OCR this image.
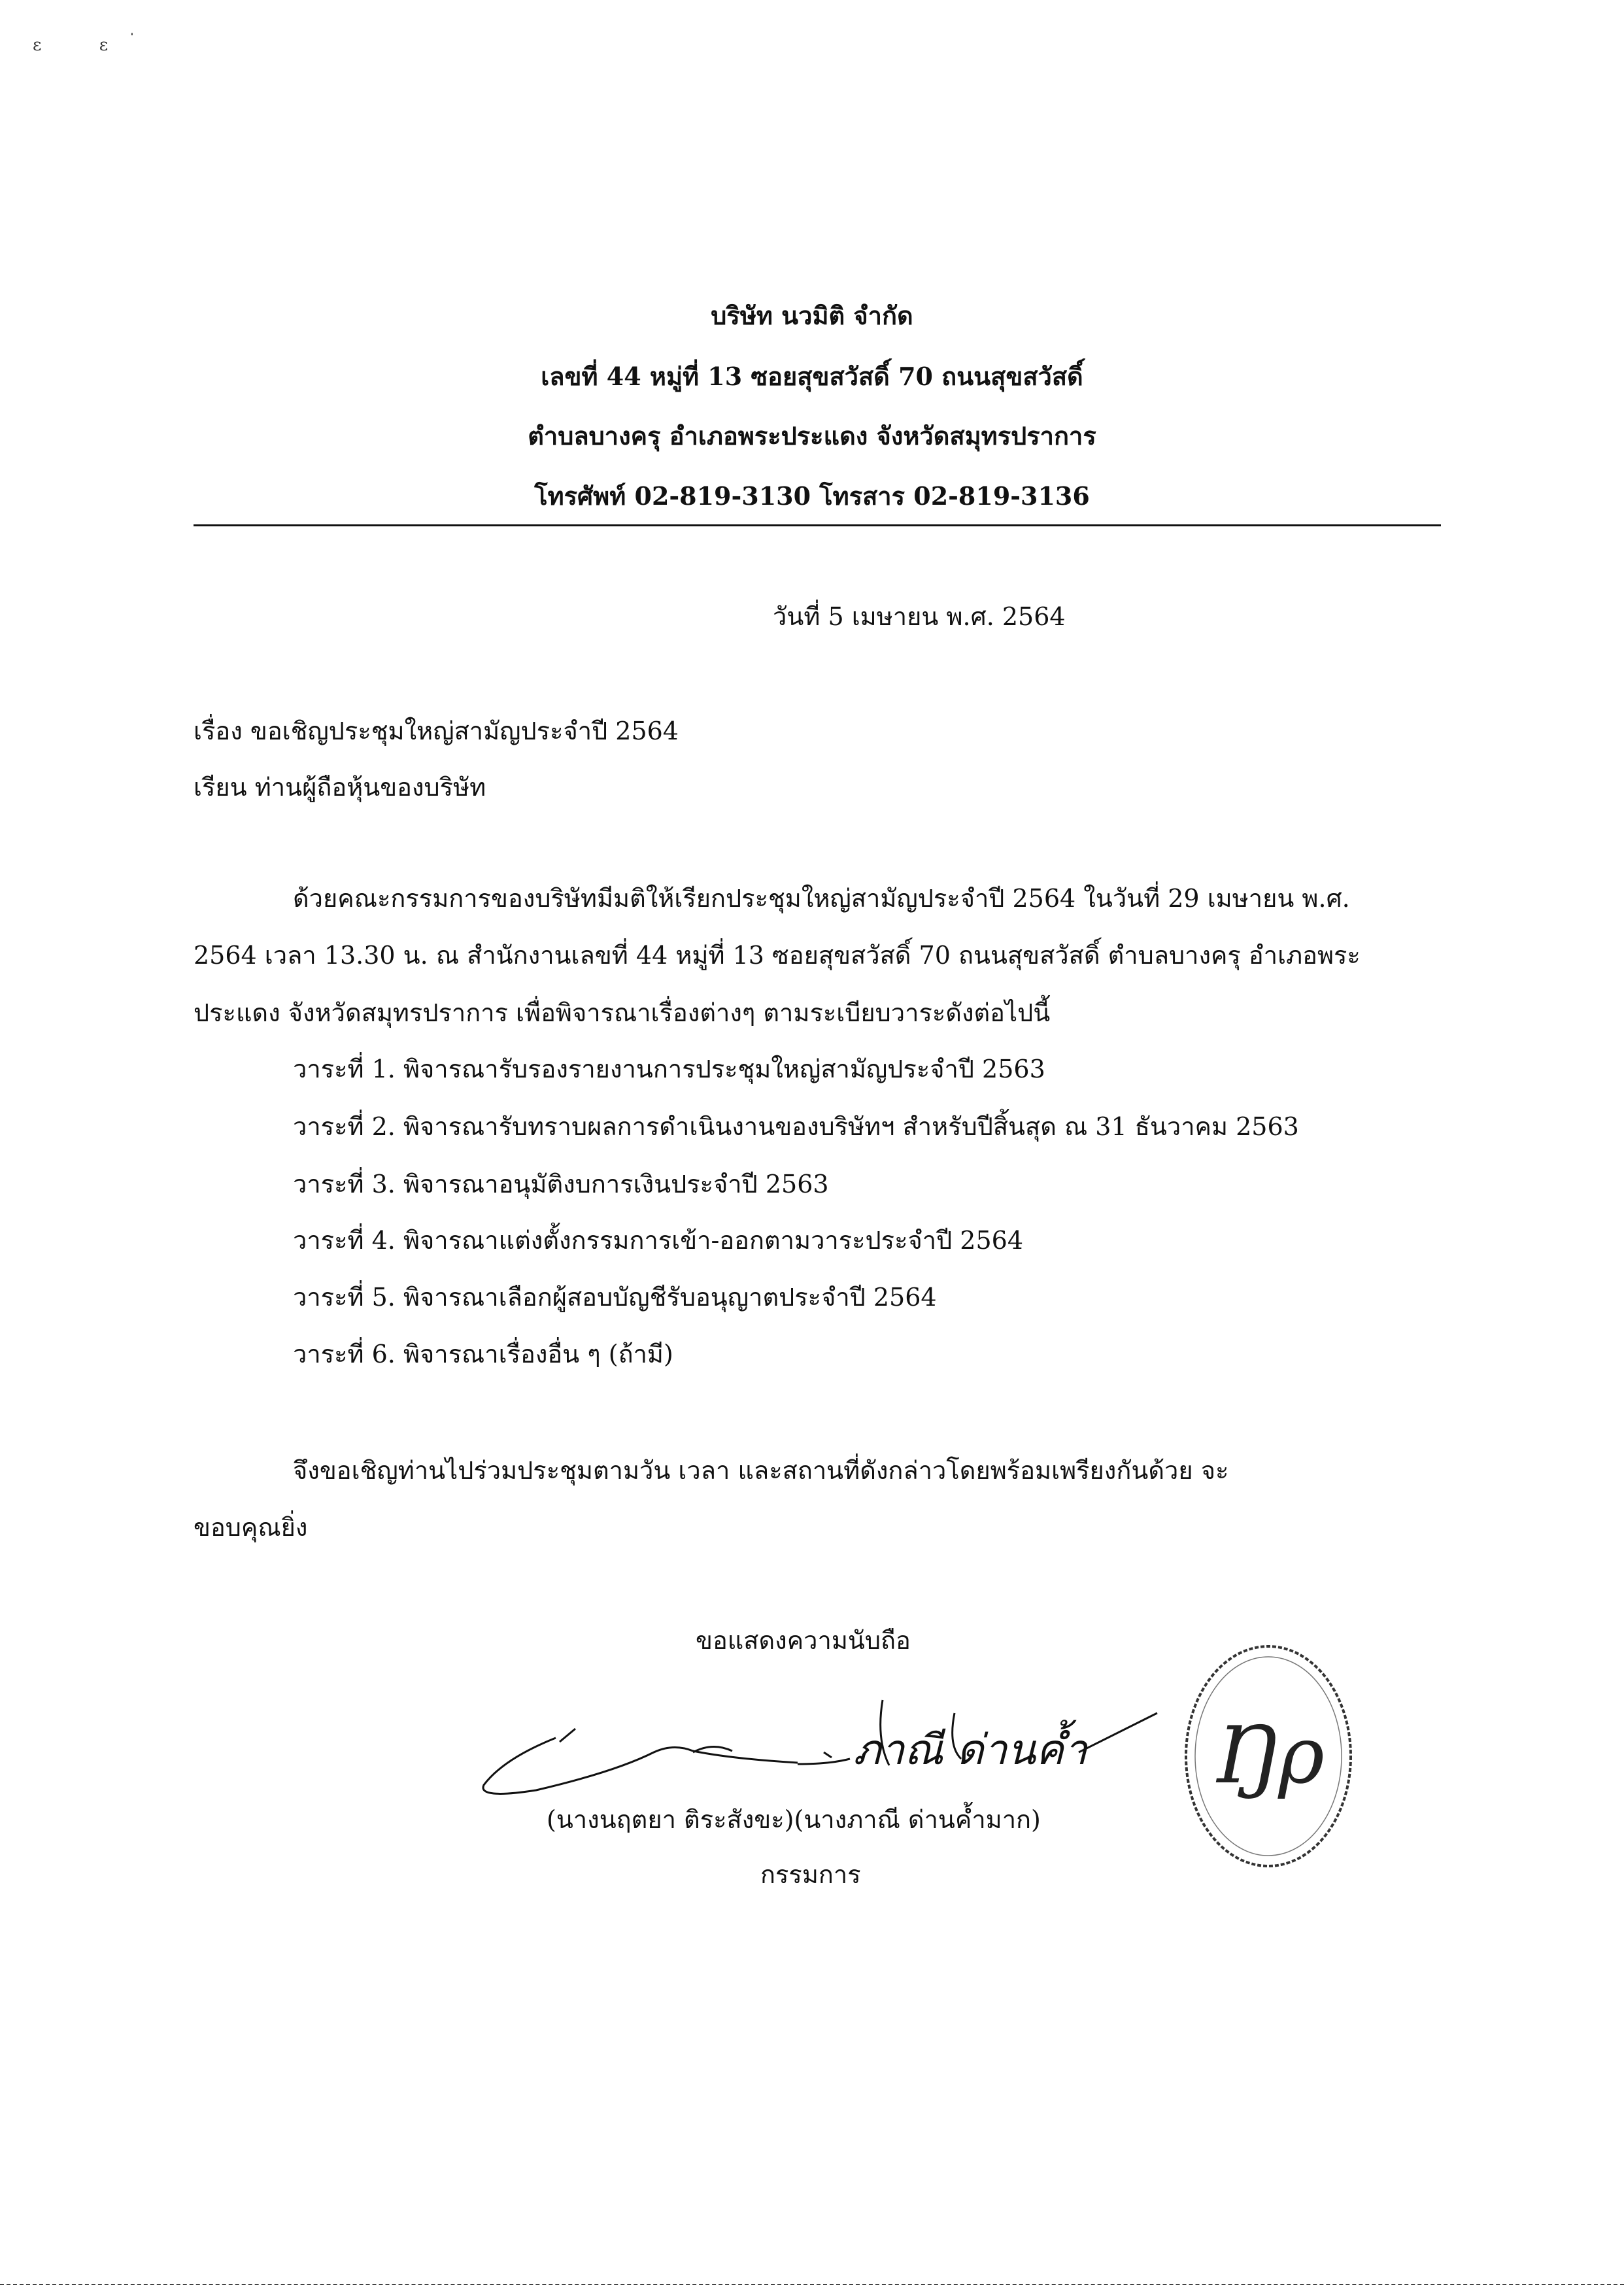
ε ε่
บริษัท นวมิติ จำกัด
เลขที่ 44 หมู่ที่ 13 ซอยสุขสวัสดิ์ 70 ถนนสุขสวัสดิ์
ตำบลบางครุ อำเภอพระประแดง จังหวัดสมุทรปราการ
โทรศัพท์ 02-819-3130 โทรสาร 02-819-3136
วันที่ 5 เมษายน พ.ศ. 2564
เรื่อง ขอเชิญประชุมใหญ่สามัญประจำปี 2564
เรียน ท่านผู้ถือหุ้นของบริษัท
ด้วยคณะกรรมการของบริษัทมีมติให้เรียกประชุมใหญ่สามัญประจำปี 2564 ในวันที่ 29 เมษายน พ.ศ.
2564 เวลา 13.30 น. ณ สำนักงานเลขที่ 44 หมู่ที่ 13 ซอยสุขสวัสดิ์ 70 ถนนสุขสวัสดิ์ ตำบลบางครุ อำเภอพระ
ประแดง จังหวัดสมุทรปราการ เพื่อพิจารณาเรื่องต่างๆ ตามระเบียบวาระดังต่อไปนี้
วาระที่ 1. พิจารณารับรองรายงานการประชุมใหญ่สามัญประจำปี 2563
วาระที่ 2. พิจารณารับทราบผลการดำเนินงานของบริษัทฯ สำหรับปีสิ้นสุด ณ 31 ธันวาคม 2563
วาระที่ 3. พิจารณาอนุมัติงบการเงินประจำปี 2563
วาระที่ 4. พิจารณาแต่งตั้งกรรมการเข้า-ออกตามวาระประจำปี 2564
วาระที่ 5. พิจารณาเลือกผู้สอบบัญชีรับอนุญาตประจำปี 2564
วาระที่ 6. พิจารณาเรื่องอื่น ๆ (ถ้ามี)
จึงขอเชิญท่านไปร่วมประชุมตามวัน เวลา และสถานที่ดังกล่าวโดยพร้อมเพรียงกันด้วย จะ
ขอบคุณยิ่ง
ขอแสดงความนับถือ
ภาณี ด่านค้ำ
(นางนฤตยา ติระสังขะ)(นางภาณี ด่านค้ำมาก)
กรรมการ
Ŋρ
